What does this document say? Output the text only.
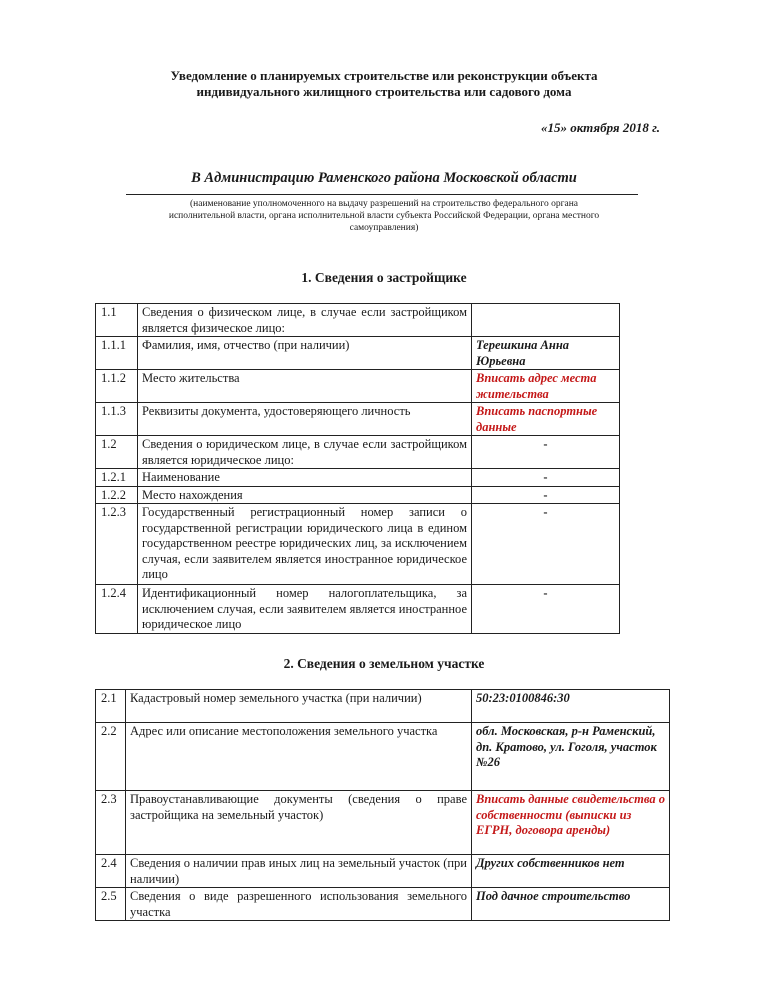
Уведомление о планируемых строительстве или реконструкции объекта
индивидуального жилищного строительства или садового дома
«15» октября 2018 г.
В Администрацию Раменского района Московской области
(наименование уполномоченного на выдачу разрешений на строительство федерального органа
исполнительной власти, органа исполнительной власти субъекта Российской Федерации, органа местного
самоуправления)
1. Сведения о застройщике
1.1	Сведения о физическом лице, в случае если застройщиком является физическое лицо:	
1.1.1	Фамилия, имя, отчество (при наличии)	Терешкина Анна Юрьевна
1.1.2	Место жительства	Вписать адрес места жительства
1.1.3	Реквизиты документа, удостоверяющего личность	Вписать паспортные данные
1.2	Сведения о юридическом лице, в случае если застройщиком является юридическое лицо:	-
1.2.1	Наименование	-
1.2.2	Место нахождения	-
1.2.3	Государственный регистрационный номер записи о государственной регистрации юридического лица в едином государственном реестре юридических лиц, за исключением случая, если заявителем является иностранное юридическое лицо	-
1.2.4	Идентификационный номер налогоплательщика, за исключением случая, если заявителем является иностранное юридическое лицо	-
2. Сведения о земельном участке
2.1	Кадастровый номер земельного участка (при наличии)	50:23:0100846:30
2.2	Адрес или описание местоположения земельного участка	обл. Московская, р-н Раменский, дп. Кратово, ул. Гоголя, участок №26
2.3	Правоустанавливающие документы (сведения о праве застройщика на земельный участок)	Вписать данные свидетельства о собственности (выписки из ЕГРН, договора аренды)
2.4	Сведения о наличии прав иных лиц на земельный участок (при наличии)	Других собственников нет
2.5	Сведения о виде разрешенного использования земельного участка	Под дачное строительство
